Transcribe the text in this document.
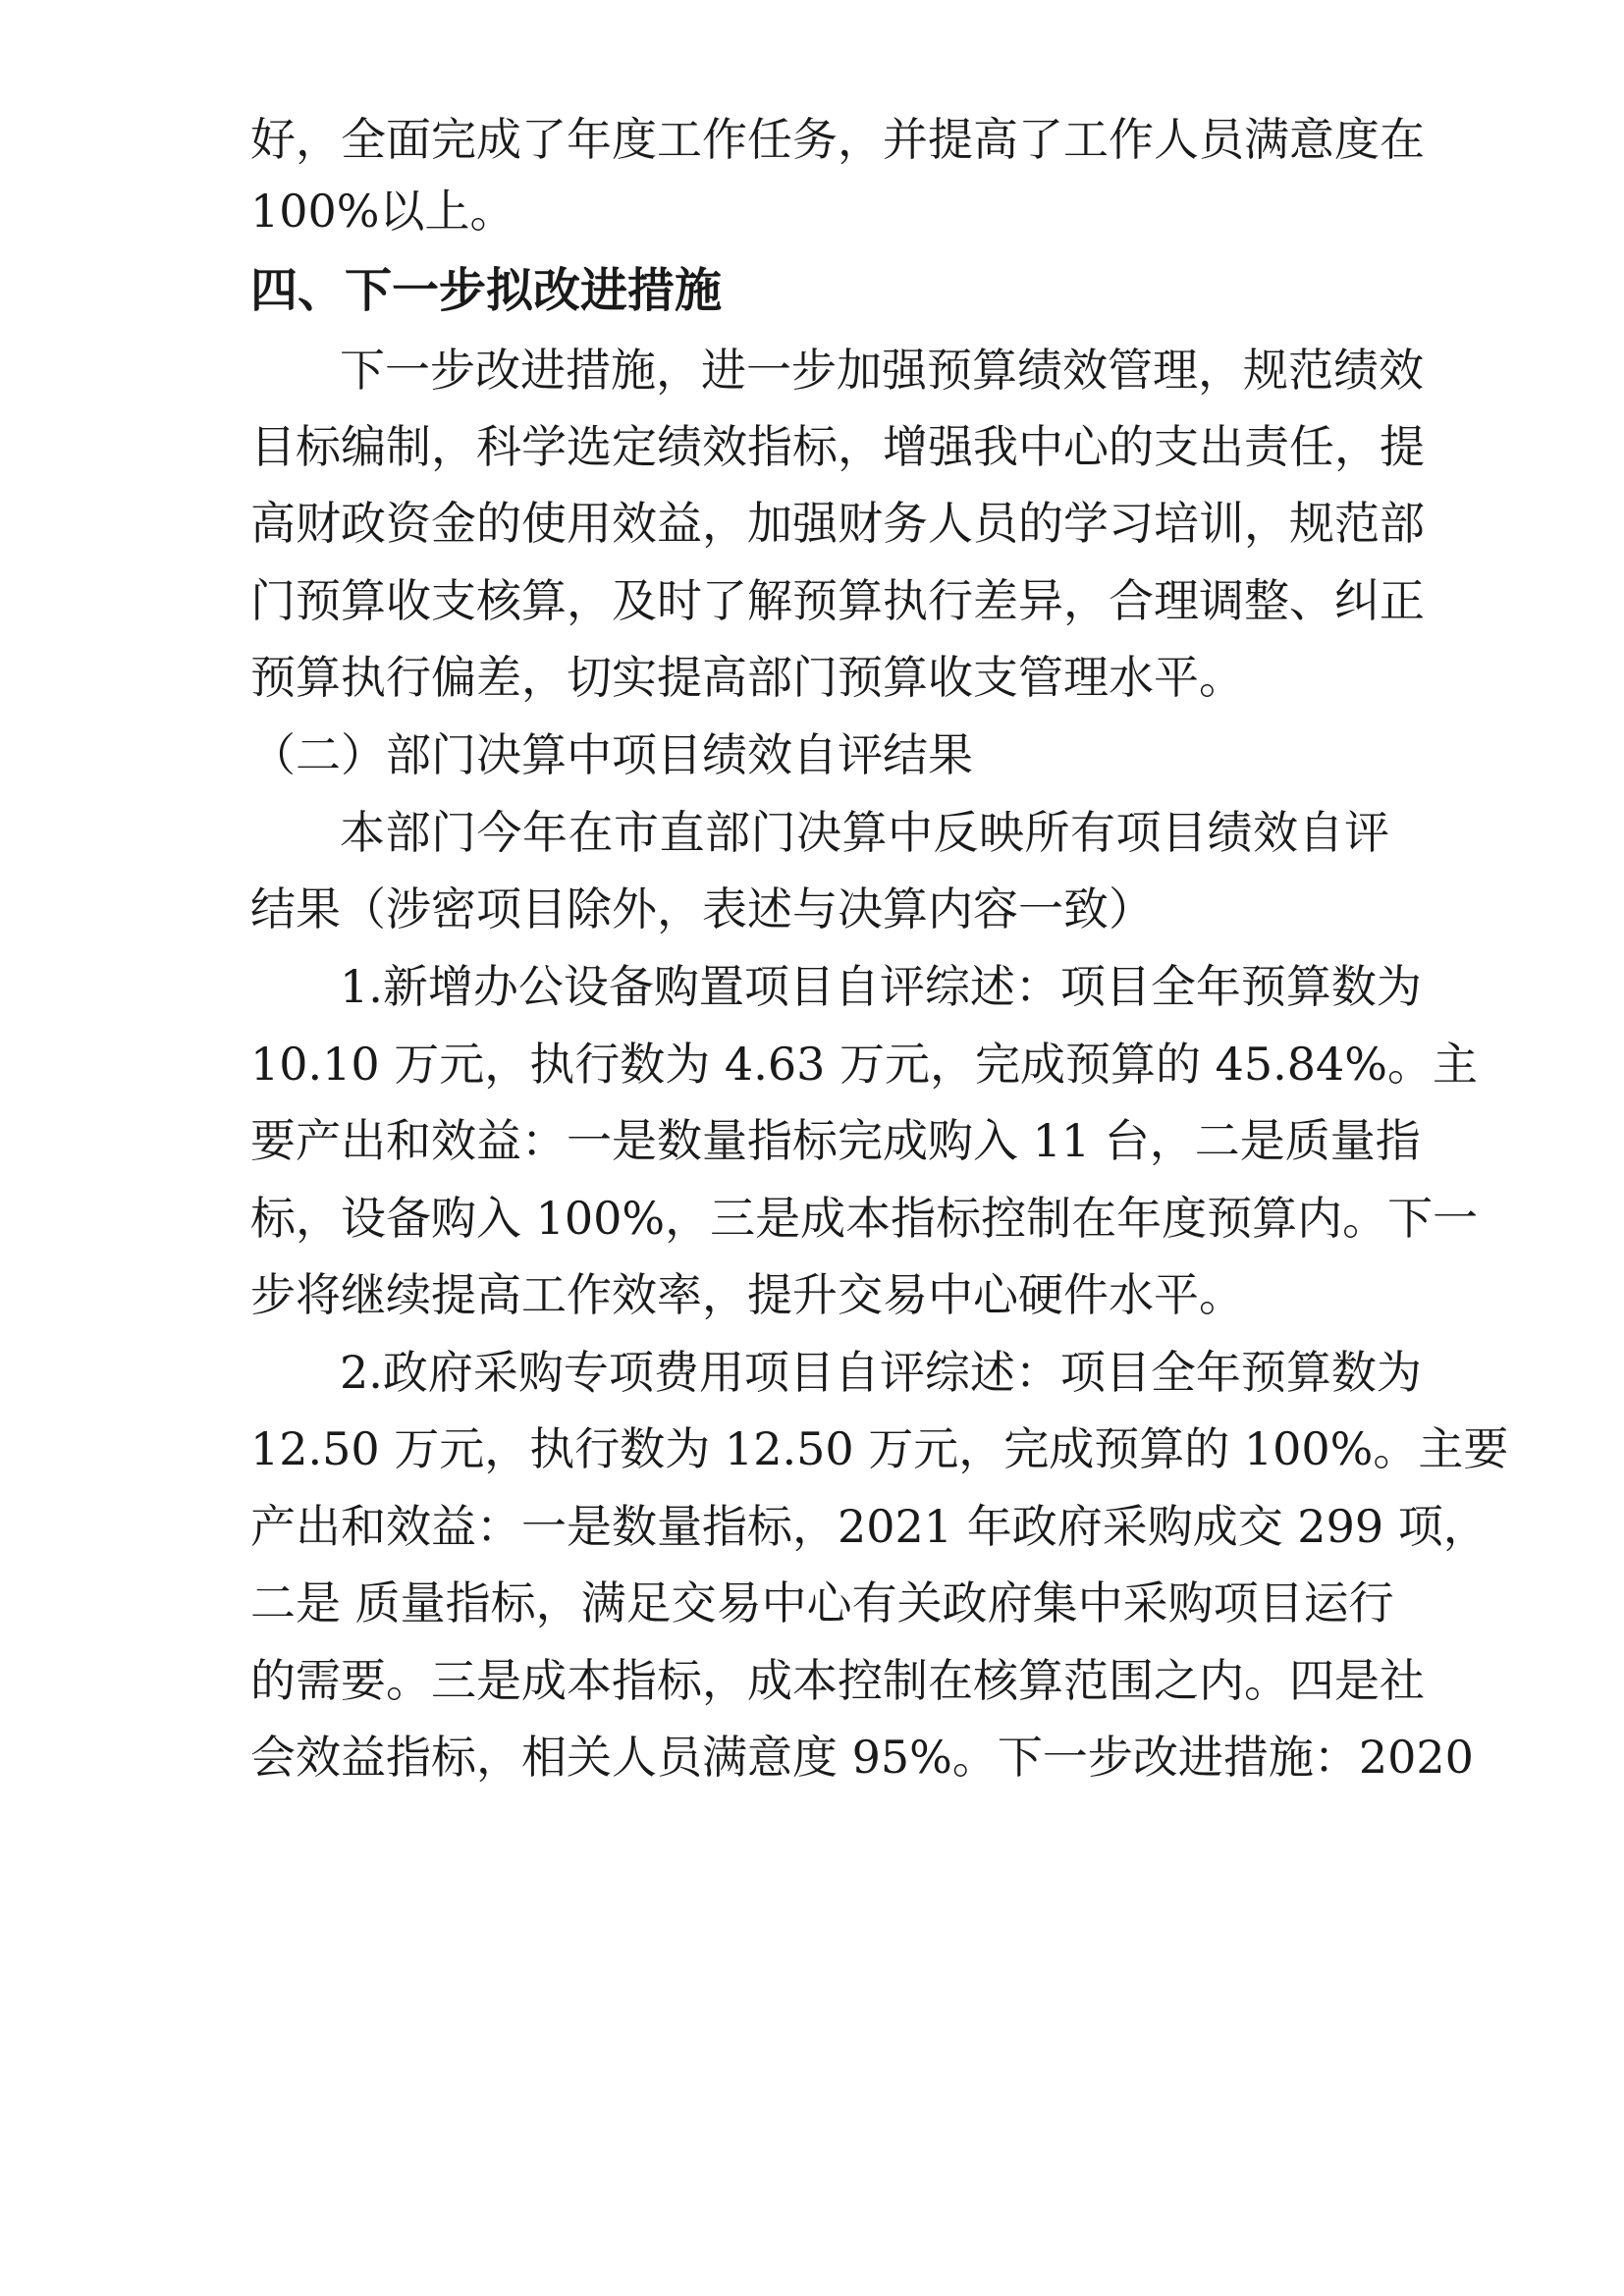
好，全面完成了年度工作任务，并提高了工作人员满意度在
100%以上。
四、下一步拟改进措施
下一步改进措施，进一步加强预算绩效管理，规范绩效
目标编制，科学选定绩效指标，增强我中心的支出责任，提
高财政资金的使用效益，加强财务人员的学习培训，规范部
门预算收支核算，及时了解预算执行差异，合理调整、纠正
预算执行偏差，切实提高部门预算收支管理水平。
（二）部门决算中项目绩效自评结果
本部门今年在市直部门决算中反映所有项目绩效自评
结果（涉密项目除外，表述与决算内容一致）
1.新增办公设备购置项目自评综述：项目全年预算数为
10.10 万元，执行数为 4.63 万元，完成预算的 45.84%。主
要产出和效益：一是数量指标完成购入 11 台，二是质量指
标，设备购入 100%，三是成本指标控制在年度预算内。下一
步将继续提高工作效率，提升交易中心硬件水平。
2.政府采购专项费用项目自评综述：项目全年预算数为
12.50 万元，执行数为 12.50 万元，完成预算的 100%。主要
产出和效益：一是数量指标，2021 年政府采购成交 299 项，
二是 质量指标，满足交易中心有关政府集中采购项目运行
的需要。三是成本指标，成本控制在核算范围之内。四是社
会效益指标，相关人员满意度 95%。下一步改进措施：2020
